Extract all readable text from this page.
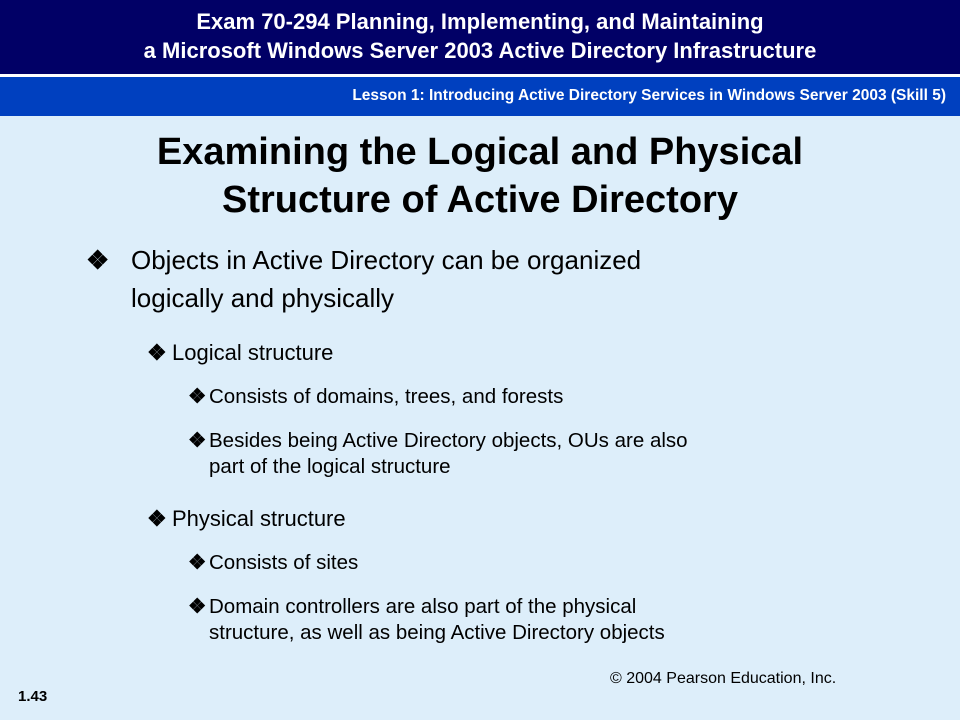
Exam 70-294 Planning, Implementing, and Maintaining
a Microsoft Windows Server 2003 Active Directory Infrastructure
Lesson 1: Introducing Active Directory Services in Windows Server 2003 (Skill 5)
Examining the Logical and Physical
Structure of Active Directory
❖ Objects in Active Directory can be organized
logically and physically
❖ Logical structure
❖ Consists of domains, trees, and forests
❖ Besides being Active Directory objects, OUs are also
part of the logical structure
❖ Physical structure
❖ Consists of sites
❖ Domain controllers are also part of the physical
structure, as well as being Active Directory objects
© 2004 Pearson Education, Inc.
1.43
